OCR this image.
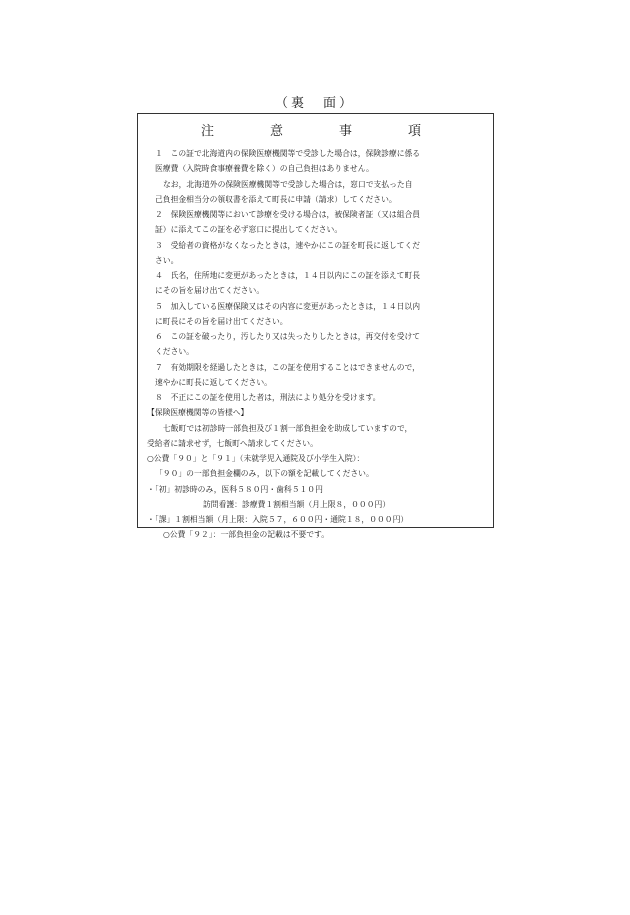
（裏　面）
注　　意　　事　　項
１　この証で北海道内の保険医療機関等で受診した場合は，保険診療に係る
医療費（入院時食事療養費を除く）の自己負担はありません。
なお，北海道外の保険医療機関等で受診した場合は，窓口で支払った自
己負担金相当分の領収書を添えて町長に申請（請求）してください。
２　保険医療機関等において診療を受ける場合は，被保険者証（又は組合員
証）に添えてこの証を必ず窓口に提出してください。
３　受給者の資格がなくなったときは，速やかにこの証を町長に返してくだ
さい。
４　氏名，住所地に変更があったときは，１４日以内にこの証を添えて町長
にその旨を届け出てください。
５　加入している医療保険又はその内容に変更があったときは，１４日以内
に町長にその旨を届け出てください。
６　この証を破ったり，汚したり又は失ったりしたときは，再交付を受けて
ください。
７　有効期限を経過したときは，この証を使用することはできませんので，
速やかに町長に返してください。
８　不正にこの証を使用した者は，刑法により処分を受けます。
【保険医療機関等の皆様へ】
七飯町では初診時一部負担及び１割一部負担金を助成していますので，
受給者に請求せず，七飯町へ請求してください。
○公費「９０」と「９１」（未就学児入通院及び小学生入院）：
「９０」の一部負担金欄のみ，以下の額を記載してください。
・「初」初診時のみ，医科５８０円・歯科５１０円
訪問看護：診療費１割相当額（月上限８，０００円）
・「課」１割相当額（月上限：入院５７，６００円・通院１８，０００円）
○公費「９２」：一部負担金の記載は不要です。
